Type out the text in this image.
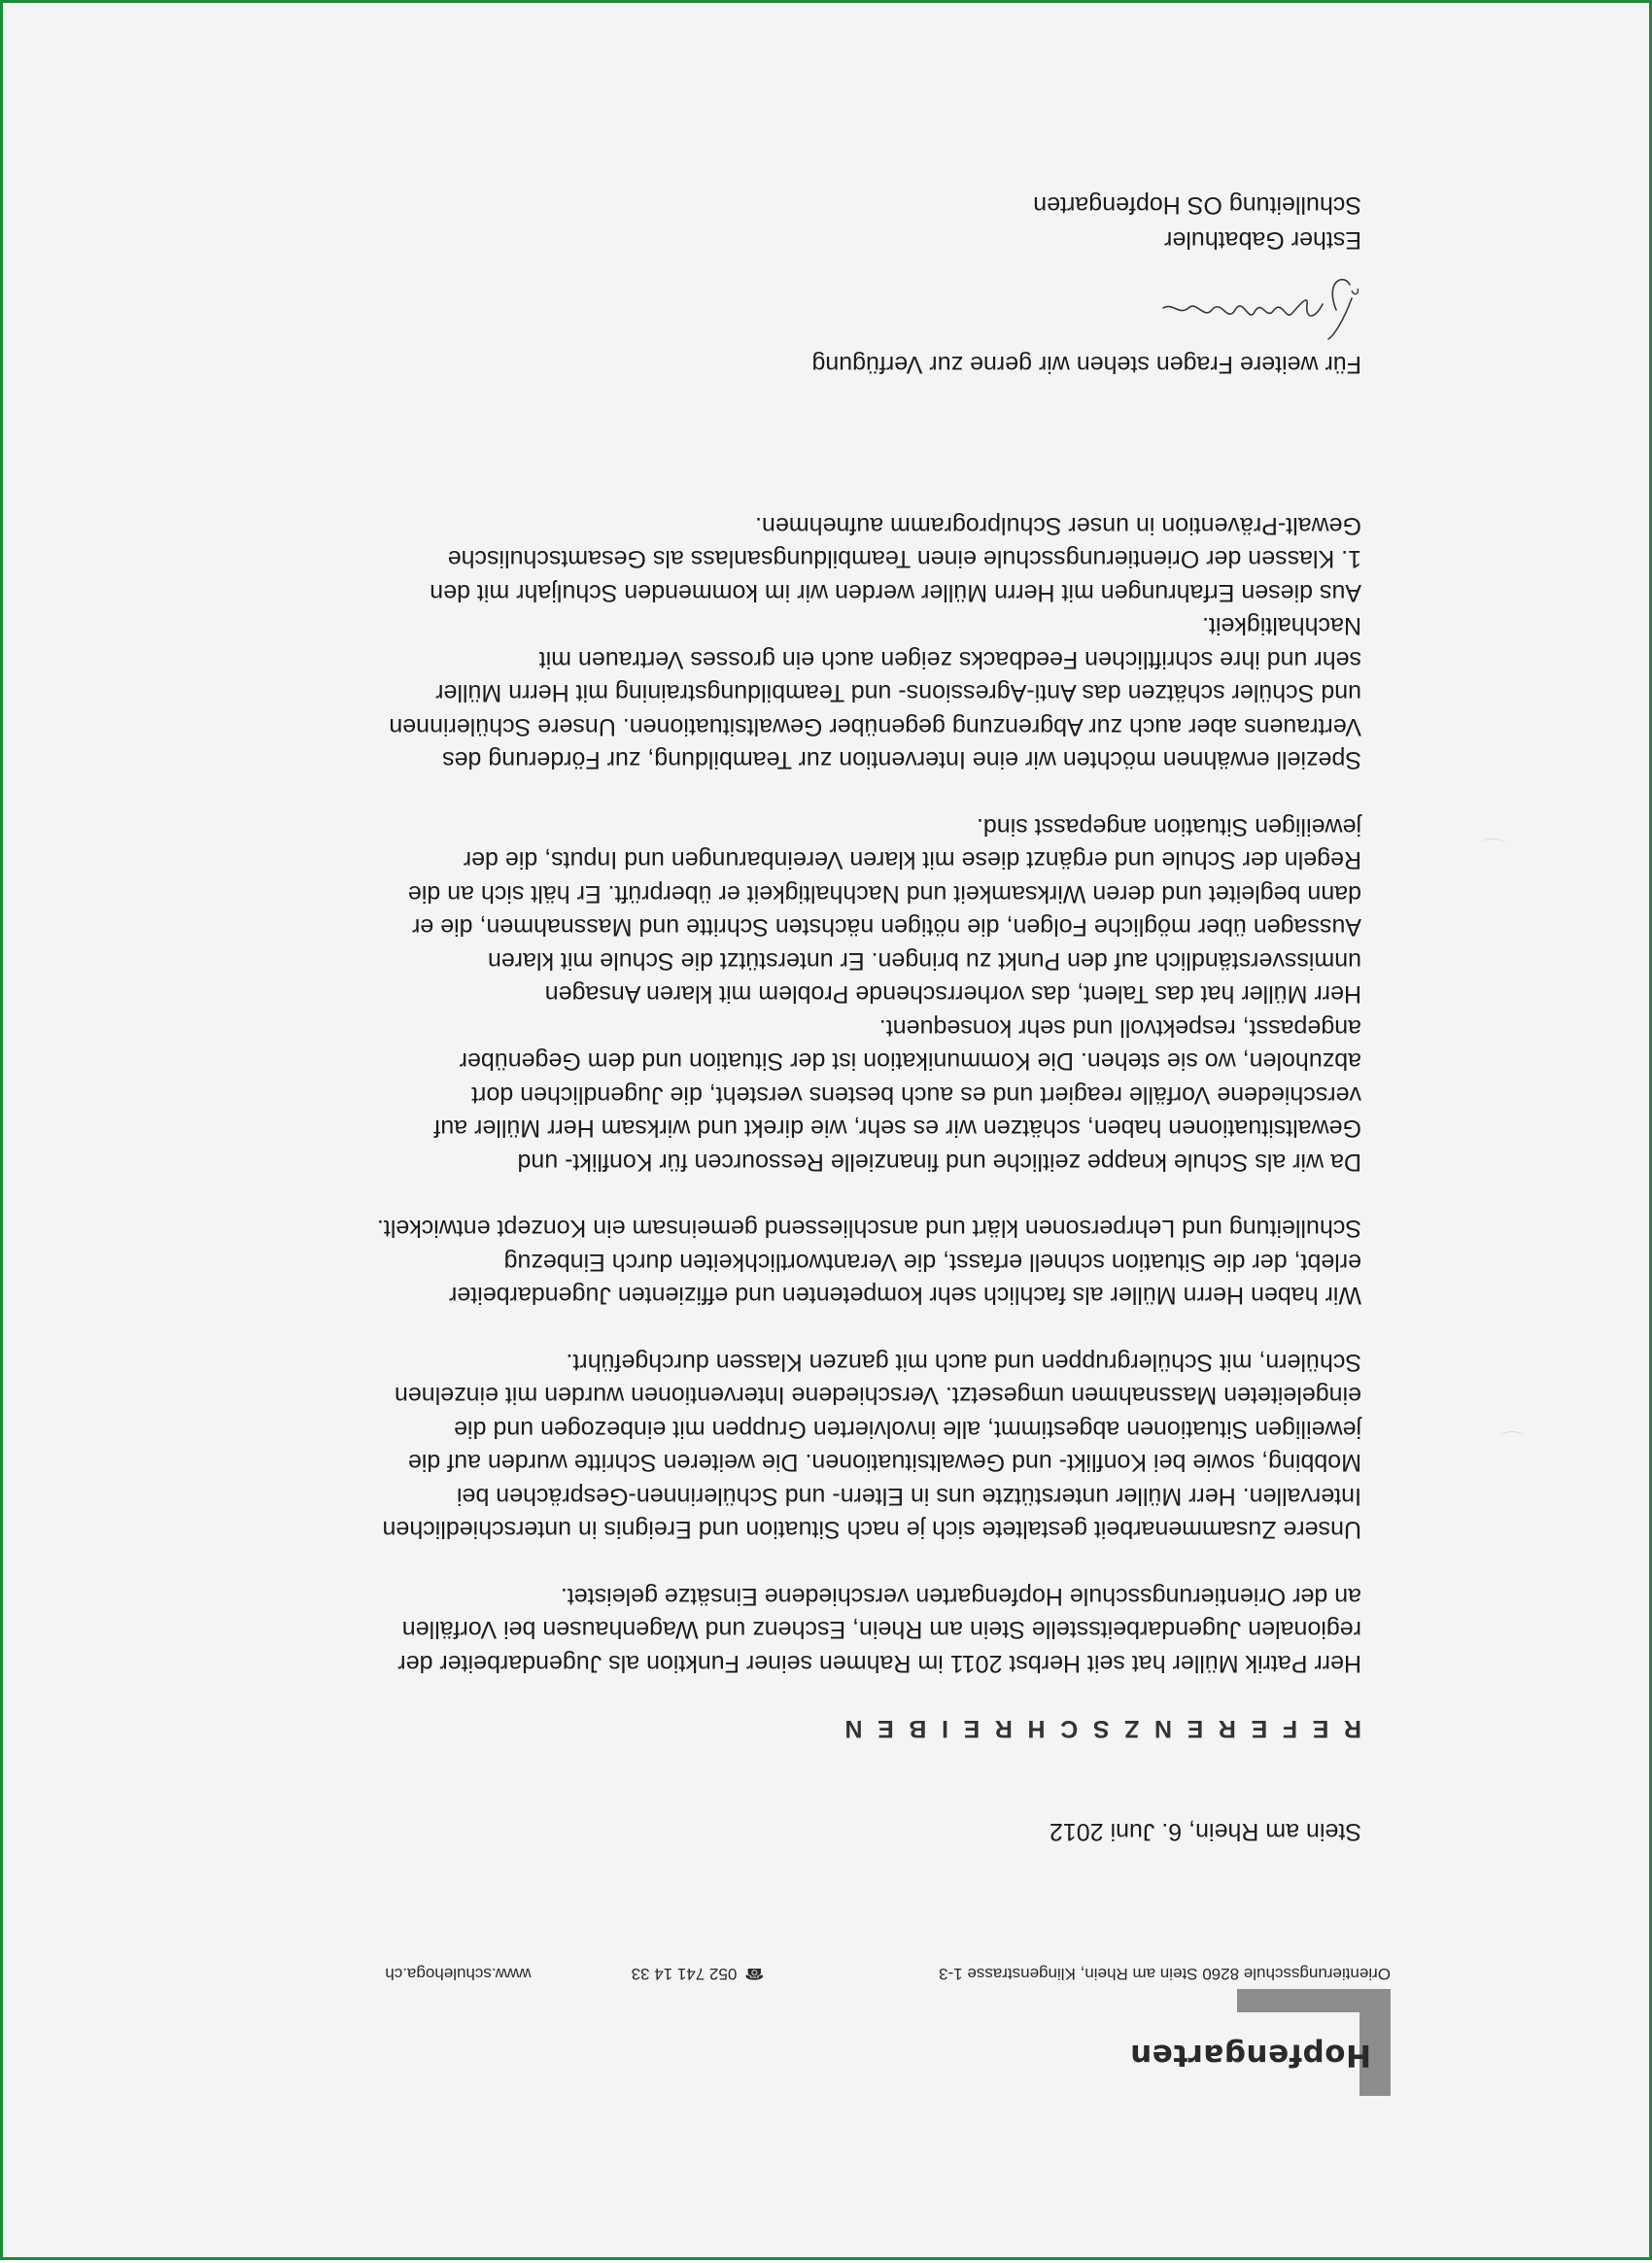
Hopfengarten
Orientierungsschule 8260 Stein am Rhein, Klingenstrasse 1-3 ☎052 741 14 33 www.schulehoga.ch
Stein am Rhein, 6. Juni 2012
REFERENZSCHREIBEN

Herr Patrik Müller hat seit Herbst 2011 im Rahmen seiner Funktion als Jugendarbeiter der
regionalen Jugendarbeitsstelle Stein am Rhein, Eschenz und Wagenhausen bei Vorfällen
an der Orientierungsschule Hopfengarten verschiedene Einsätze geleistet.

Unsere Zusammenarbeit gestaltete sich je nach Situation und Ereignis in unterschiedlichen
Intervallen. Herr Müller unterstützte uns in Eltern- und Schülerinnen-Gesprächen bei
Mobbing, sowie bei Konflikt- und Gewaltsituationen. Die weiteren Schritte wurden auf die
jeweiligen Situationen abgestimmt, alle involvierten Gruppen mit einbezogen und die
eingeleiteten Massnahmen umgesetzt. Verschiedene Interventionen wurden mit einzelnen
Schülern, mit Schülergruppen und auch mit ganzen Klassen durchgeführt.

Wir haben Herrn Müller als fachlich sehr kompetenten und effizienten Jugendarbeiter
erlebt, der die Situation schnell erfasst, die Verantwortlichkeiten durch Einbezug
Schulleitung und Lehrpersonen klärt und anschliessend gemeinsam ein Konzept entwickelt.

Da wir als Schule knappe zeitliche und finanzielle Ressourcen für Konflikt- und
Gewaltsituationen haben, schätzen wir es sehr, wie direkt und wirksam Herr Müller auf
verschiedene Vorfälle reagiert und es auch bestens versteht, die Jugendlichen dort
abzuholen, wo sie stehen. Die Kommunikation ist der Situation und dem Gegenüber
angepasst, respektvoll und sehr konsequent.
Herr Müller hat das Talent, das vorherrschende Problem mit klaren Ansagen
unmissverständlich auf den Punkt zu bringen. Er unterstützt die Schule mit klaren
Aussagen über mögliche Folgen, die nötigen nächsten Schritte und Massnahmen, die er
dann begleitet und deren Wirksamkeit und Nachhaltigkeit er überprüft. Er hält sich an die
Regeln der Schule und ergänzt diese mit klaren Vereinbarungen und Inputs, die der
jeweiligen Situation angepasst sind.

Speziell erwähnen möchten wir eine Intervention zur Teambildung, zur Förderung des
Vertrauens aber auch zur Abgrenzung gegenüber Gewaltsituationen. Unsere Schülerinnen
und Schüler schätzen das Anti-Agressions- und Teambildungstraining mit Herrn Müller
sehr und ihre schriftlichen Feedbacks zeigen auch ein grosses Vertrauen mit
Nachhaltigkeit.
Aus diesen Erfahrungen mit Herrn Müller werden wir im kommenden Schuljahr mit den
1. Klassen der Orientierungsschule einen Teambildungsanlass als Gesamtschulische
Gewalt-Prävention in unser Schulprogramm aufnehmen.

Für weitere Fragen stehen wir gerne zur Verfügung
Esther Gabathuler
Schulleitung OS Hopfengarten
